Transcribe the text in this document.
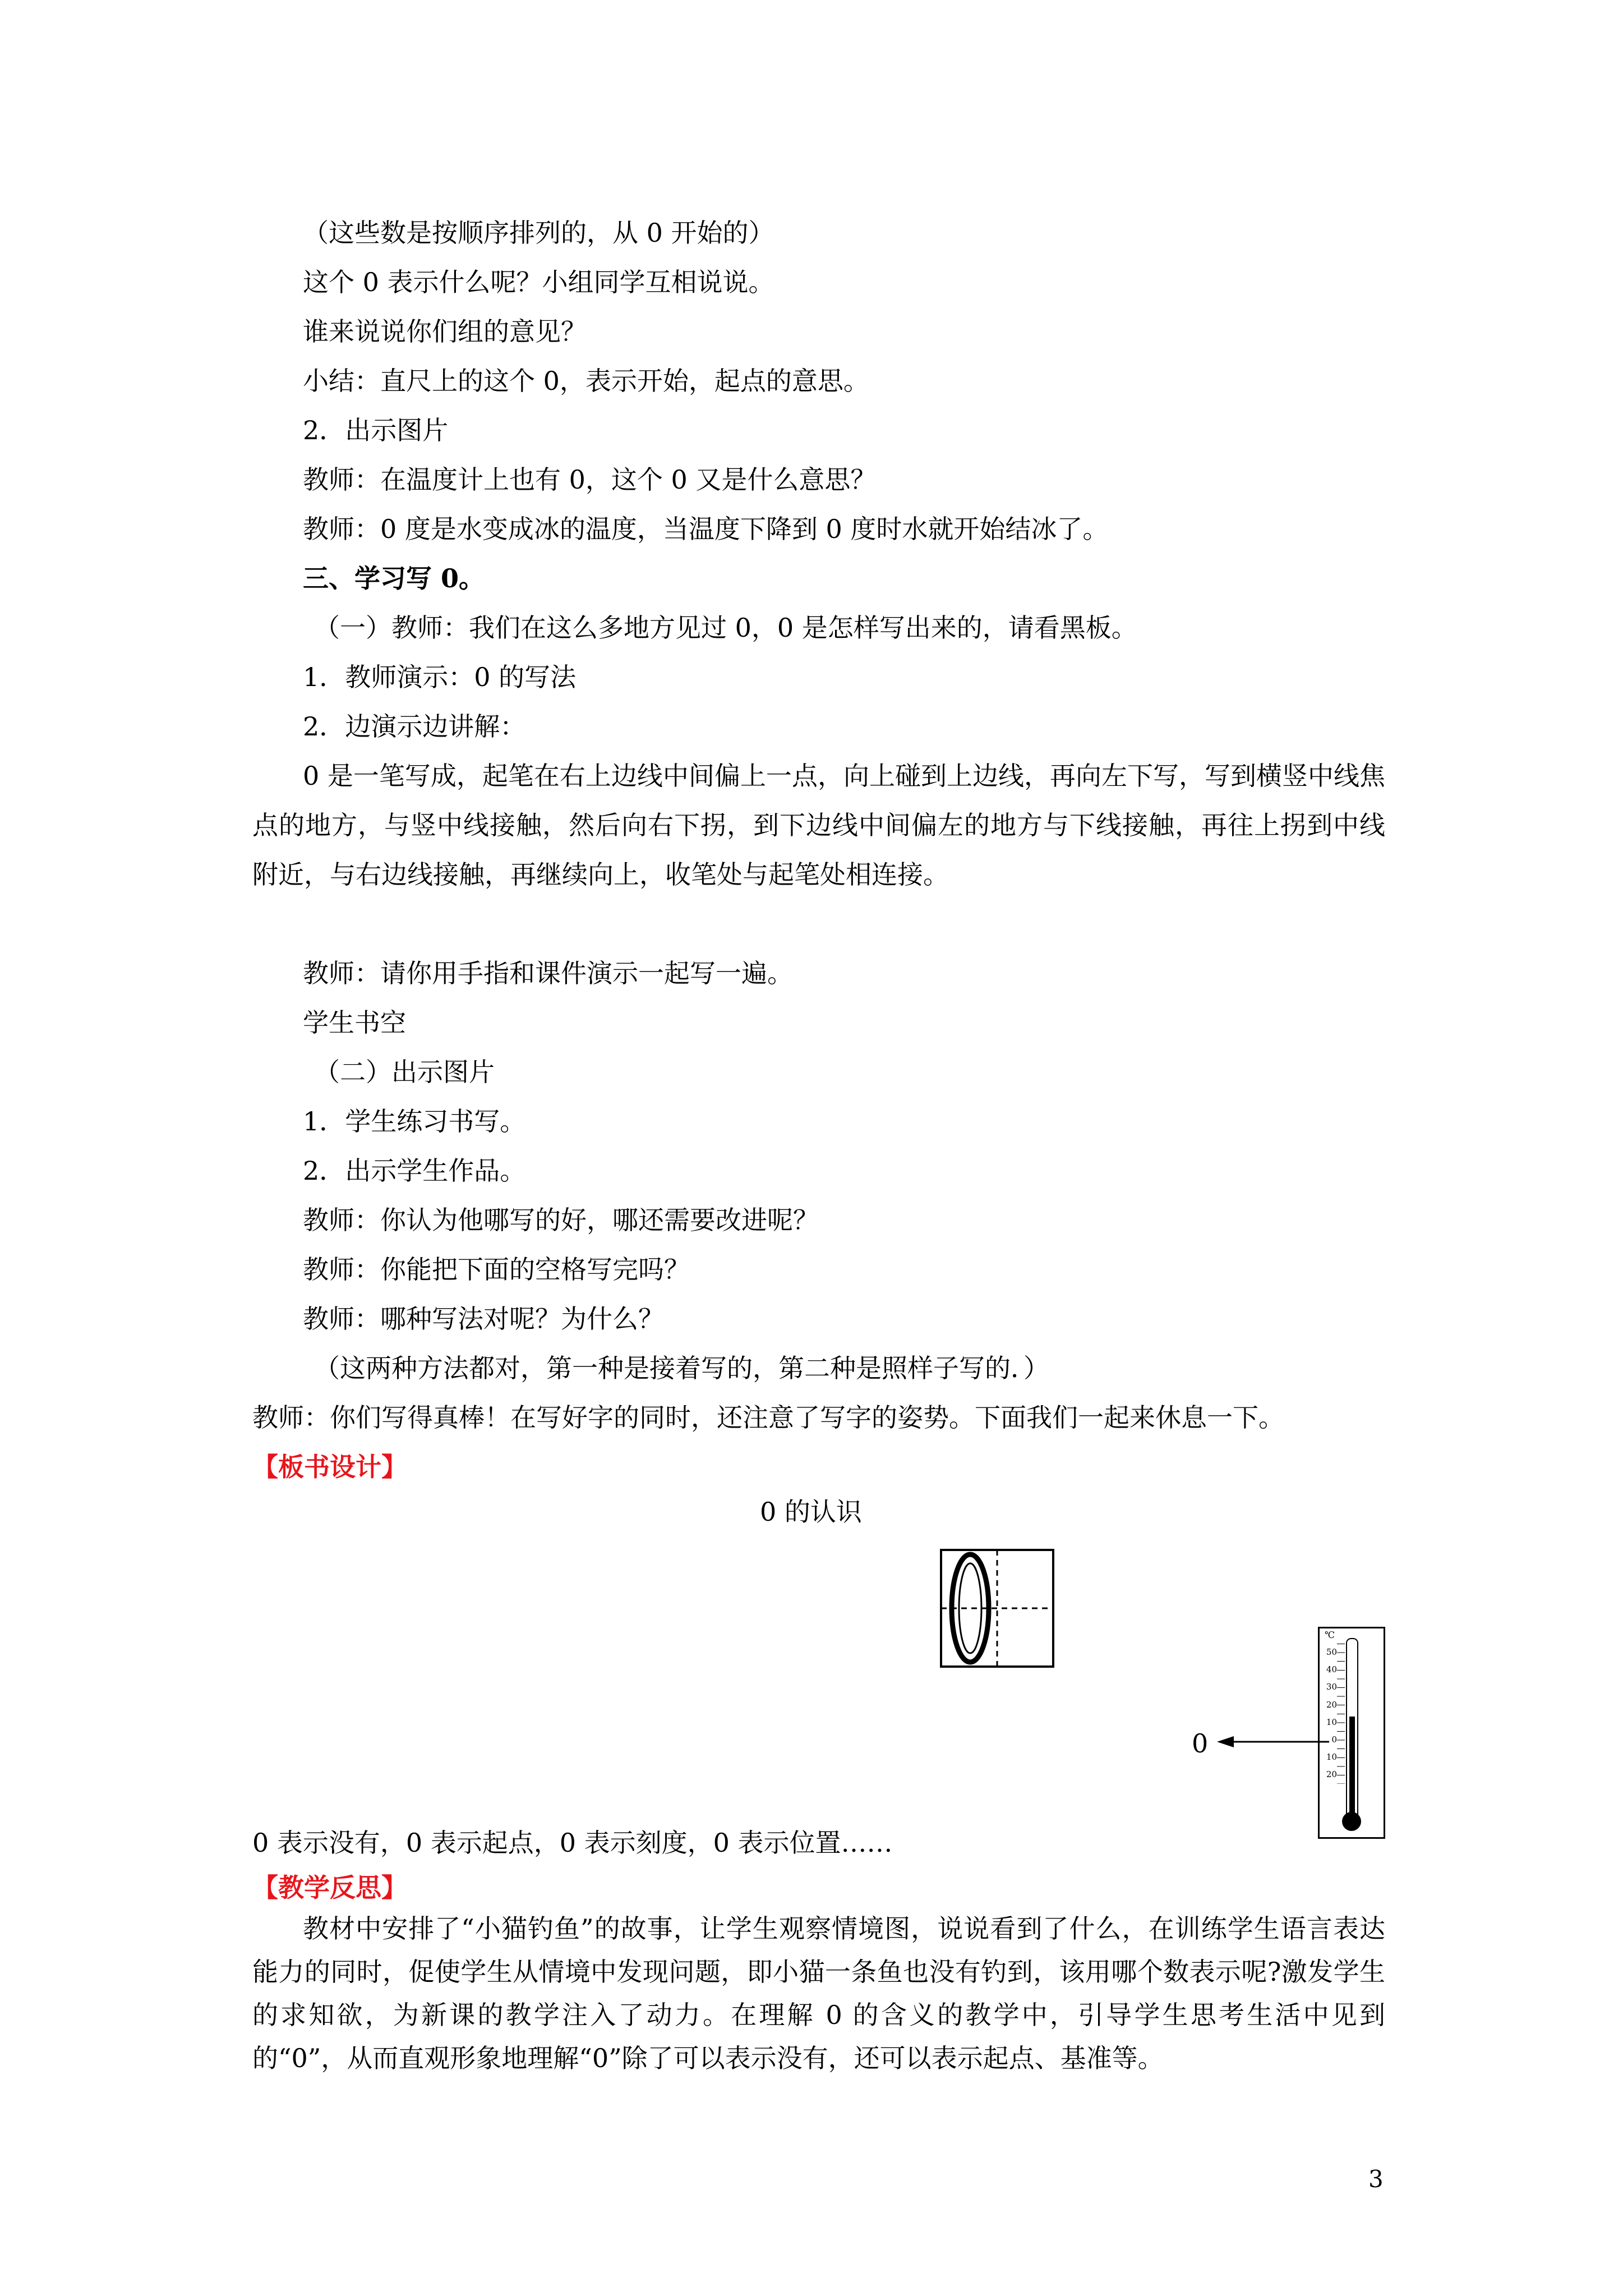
（这些数是按顺序排列的，从 0 开始的）
这个 0 表示什么呢？小组同学互相说说。
谁来说说你们组的意见？
小结：直尺上的这个 0，表示开始，起点的意思。
2．出示图片
教师：在温度计上也有 0，这个 0 又是什么意思？
教师：0 度是水变成冰的温度，当温度下降到 0 度时水就开始结冰了。
三、学习写 0。
（一）教师：我们在这么多地方见过 0，0 是怎样写出来的，请看黑板。
1．教师演示：0 的写法
2．边演示边讲解：

0 是一笔写成，起笔在右上边线中间偏上一点，向上碰到上边线，再向左下写，写到横竖中线焦点的地方，与竖中线接触，然后向右下拐，到下边线中间偏左的地方与下线接触，再往上拐到中线附近，与右边线接触，再继续向上，收笔处与起笔处相连接。

教师：请你用手指和课件演示一起写一遍。
学生书空
（二）出示图片
1．学生练习书写。
2．出示学生作品。
教师：你认为他哪写的好，哪还需要改进呢？
教师：你能把下面的空格写完吗？
教师：哪种写法对呢？为什么？
（这两种方法都对，第一种是接着写的，第二种是照样子写的．）
教师：你们写得真棒！在写好字的同时，还注意了写字的姿势。下面我们一起来休息一下。
【板书设计】
0 的认识
0
℃
50
40
30
20
10
0
10
20
0 表示没有，0 表示起点，0 表示刻度，0 表示位置……
【教学反思】

教材中安排了“小猫钓鱼”的故事，让学生观察情境图，说说看到了什么，在训练学生语言表达能力的同时，促使学生从情境中发现问题，即小猫一条鱼也没有钓到，该用哪个数表示呢?激发学生的求知欲，为新课的教学注入了动力。在理解 0 的含义的教学中，引导学生思考生活中见到的“0”，从而直观形象地理解“0”除了可以表示没有，还可以表示起点、基准等。

3
